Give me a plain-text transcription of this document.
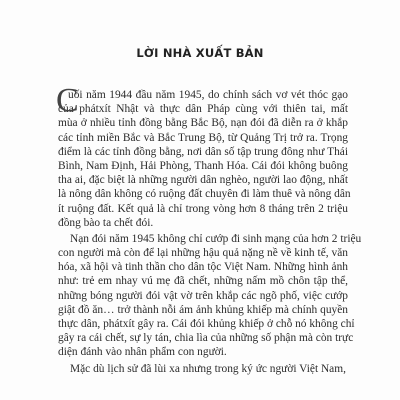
LỜI NHÀ XUẤT BẢN
C
uối năm 1944 đầu năm 1945, do chính sách vơ vét thóc gạo
của phátxít Nhật và thực dân Pháp cùng với thiên tai, mất
mùa ở nhiều tỉnh đồng bằng Bắc Bộ, nạn đói đã diễn ra ở khắp
các tỉnh miền Bắc và Bắc Trung Bộ, từ Quảng Trị trở ra. Trọng
điểm là các tỉnh đồng bằng, nơi dân số tập trung đông như Thái
Bình, Nam Định, Hải Phòng, Thanh Hóa. Cái đói không buông
tha ai, đặc biệt là những người dân nghèo, người lao động, nhất
là nông dân không có ruộng đất chuyên đi làm thuê và nông dân
ít ruộng đất. Kết quả là chỉ trong vòng hơn 8 tháng trên 2 triệu
đồng bào ta chết đói.
Nạn đói năm 1945 không chỉ cướp đi sinh mạng của hơn 2 triệu
con người mà còn để lại những hậu quả nặng nề về kinh tế, văn
hóa, xã hội và tinh thần cho dân tộc Việt Nam. Những hình ảnh
như: trẻ em nhay vú mẹ đã chết, những nấm mồ chôn tập thể,
những bóng người đói vật vờ trên khắp các ngõ phố, việc cướp
giật đồ ăn… trở thành nỗi ám ảnh khủng khiếp mà chính quyền
thực dân, phátxít gây ra. Cái đói khủng khiếp ở chỗ nó không chỉ
gây ra cái chết, sự ly tán, chia lìa của những số phận mà còn trực
diện đánh vào nhân phẩm con người.
Mặc dù lịch sử đã lùi xa nhưng trong ký ức người Việt Nam,
